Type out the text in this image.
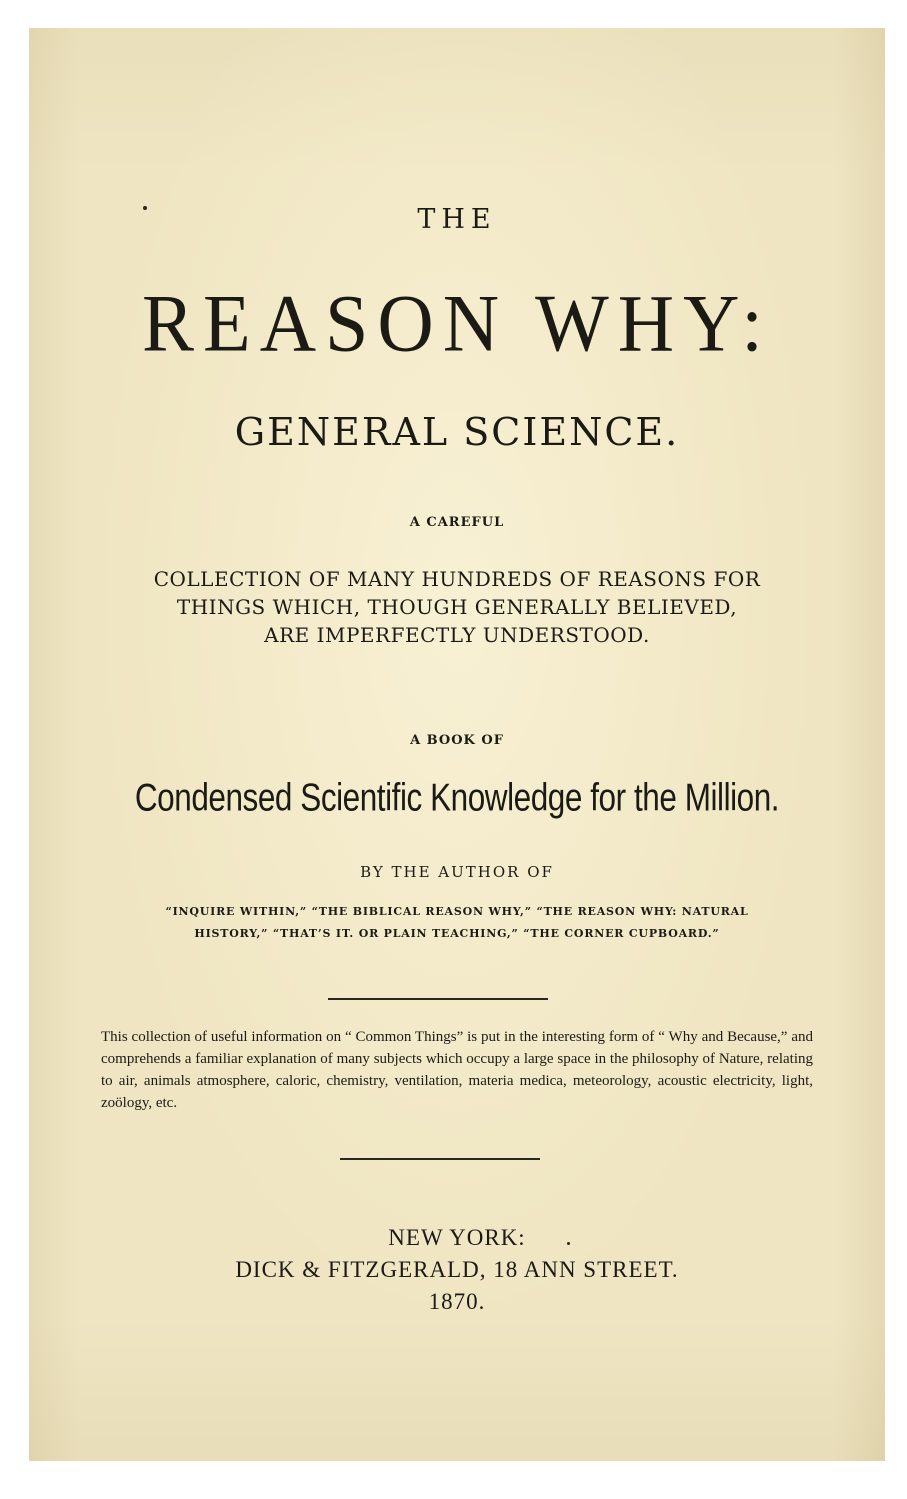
THE
REASON WHY:
GENERAL SCIENCE.
A CAREFUL
COLLECTION OF MANY HUNDREDS OF REASONS FOR
THINGS WHICH, THOUGH GENERALLY BELIEVED,
ARE IMPERFECTLY UNDERSTOOD.
A BOOK OF
Condensed Scientific Knowledge for the Million.
BY THE AUTHOR OF
“INQUIRE WITHIN,” “THE BIBLICAL REASON WHY,” “THE REASON WHY: NATURAL
HISTORY,” “THAT’S IT. OR PLAIN TEACHING,” “THE CORNER CUPBOARD.”

This collection of useful information on “ Common Things” is put in the interesting form of “ Why and Because,” and comprehends a familiar explanation of many subjects which occupy a large space in the philosophy of Nature, relating to air, animals atmosphere, caloric, chemistry, ventilation, materia medica, meteorology, acoustic electricity, light, zoölogy, etc.

NEW YORK:
DICK & FITZGERALD, 18 ANN STREET.
1870.
